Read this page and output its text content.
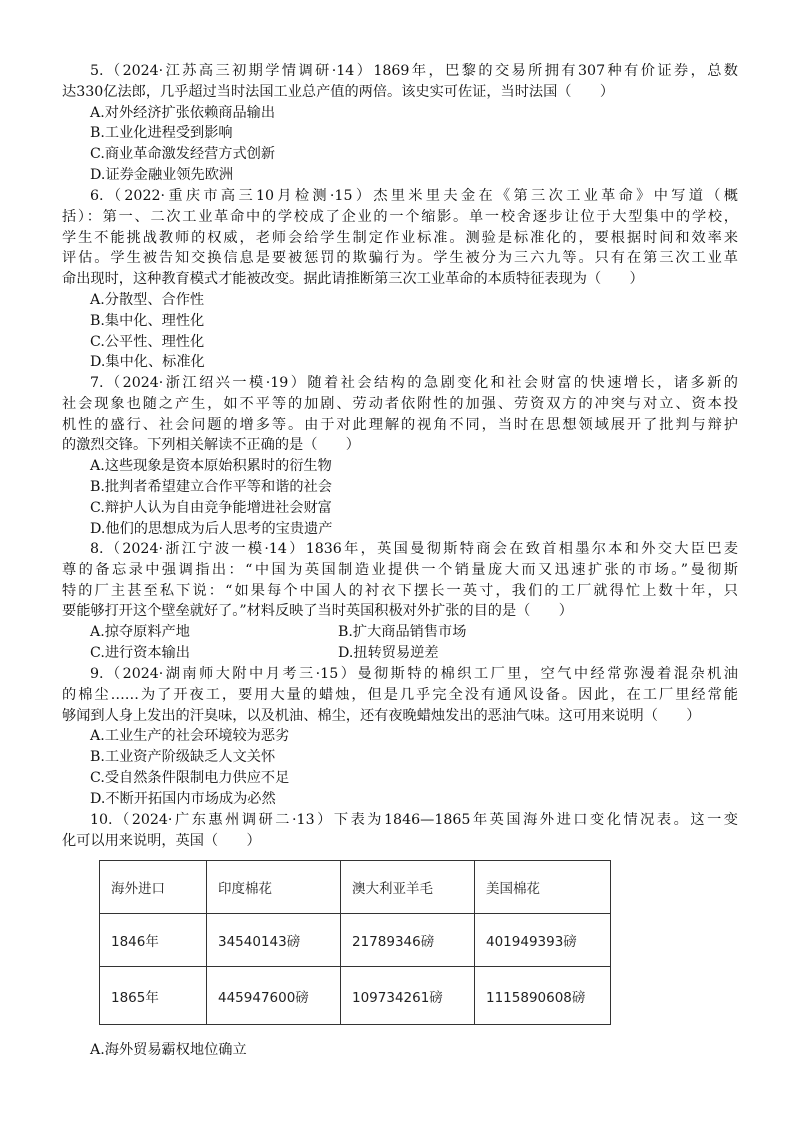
5.（2024·江苏高三初期学情调研·14）1869年，巴黎的交易所拥有307种有价证券，总数
达330亿法郎，几乎超过当时法国工业总产值的两倍。该史实可佐证，当时法国（　　）
A.对外经济扩张依赖商品输出
B.工业化进程受到影响
C.商业革命激发经营方式创新
D.证券金融业领先欧洲
6.（2022·重庆市高三10月检测·15）杰里米里夫金在《第三次工业革命》中写道（概
括）：第一、二次工业革命中的学校成了企业的一个缩影。单一校舍逐步让位于大型集中的学校，
学生不能挑战教师的权威，老师会给学生制定作业标准。测验是标准化的，要根据时间和效率来
评估。学生被告知交换信息是要被惩罚的欺骗行为。学生被分为三六九等。只有在第三次工业革
命出现时，这种教育模式才能被改变。据此请推断第三次工业革命的本质特征表现为（　　）
A.分散型、合作性
B.集中化、理性化
C.公平性、理性化
D.集中化、标准化
7.（2024·浙江绍兴一模·19）随着社会结构的急剧变化和社会财富的快速增长，诸多新的
社会现象也随之产生，如不平等的加剧、劳动者依附性的加强、劳资双方的冲突与对立、资本投
机性的盛行、社会问题的增多等。由于对此理解的视角不同，当时在思想领域展开了批判与辩护
的激烈交锋。下列相关解读不正确的是（　　）
A.这些现象是资本原始积累时的衍生物
B.批判者希望建立合作平等和谐的社会
C.辩护人认为自由竞争能增进社会财富
D.他们的思想成为后人思考的宝贵遗产
8.（2024·浙江宁波一模·14）1836年，英国曼彻斯特商会在致首相墨尔本和外交大臣巴麦
尊的备忘录中强调指出：“中国为英国制造业提供一个销量庞大而又迅速扩张的市场。”曼彻斯
特的厂主甚至私下说：“如果每个中国人的衬衣下摆长一英寸，我们的工厂就得忙上数十年，只
要能够打开这个壁垒就好了。”材料反映了当时英国积极对外扩张的目的是（　　）
A.掠夺原料产地	B.扩大商品销售市场
C.进行资本输出	D.扭转贸易逆差
9.（2024·湖南师大附中月考三·15）曼彻斯特的棉织工厂里，空气中经常弥漫着混杂机油
的棉尘……为了开夜工，要用大量的蜡烛，但是几乎完全没有通风设备。因此，在工厂里经常能
够闻到人身上发出的汗臭味，以及机油、棉尘，还有夜晚蜡烛发出的恶油气味。这可用来说明（　　）
A.工业生产的社会环境较为恶劣
B.工业资产阶级缺乏人文关怀
C.受自然条件限制电力供应不足
D.不断开拓国内市场成为必然
10.（2024·广东惠州调研二·13）下表为1846—1865年英国海外进口变化情况表。这一变
化可以用来说明，英国（　　）
海外进口	印度棉花	澳大利亚羊毛	美国棉花
1846年	34540143磅	21789346磅	401949393磅
1865年	445947600磅	109734261磅	1115890608磅
A.海外贸易霸权地位确立
